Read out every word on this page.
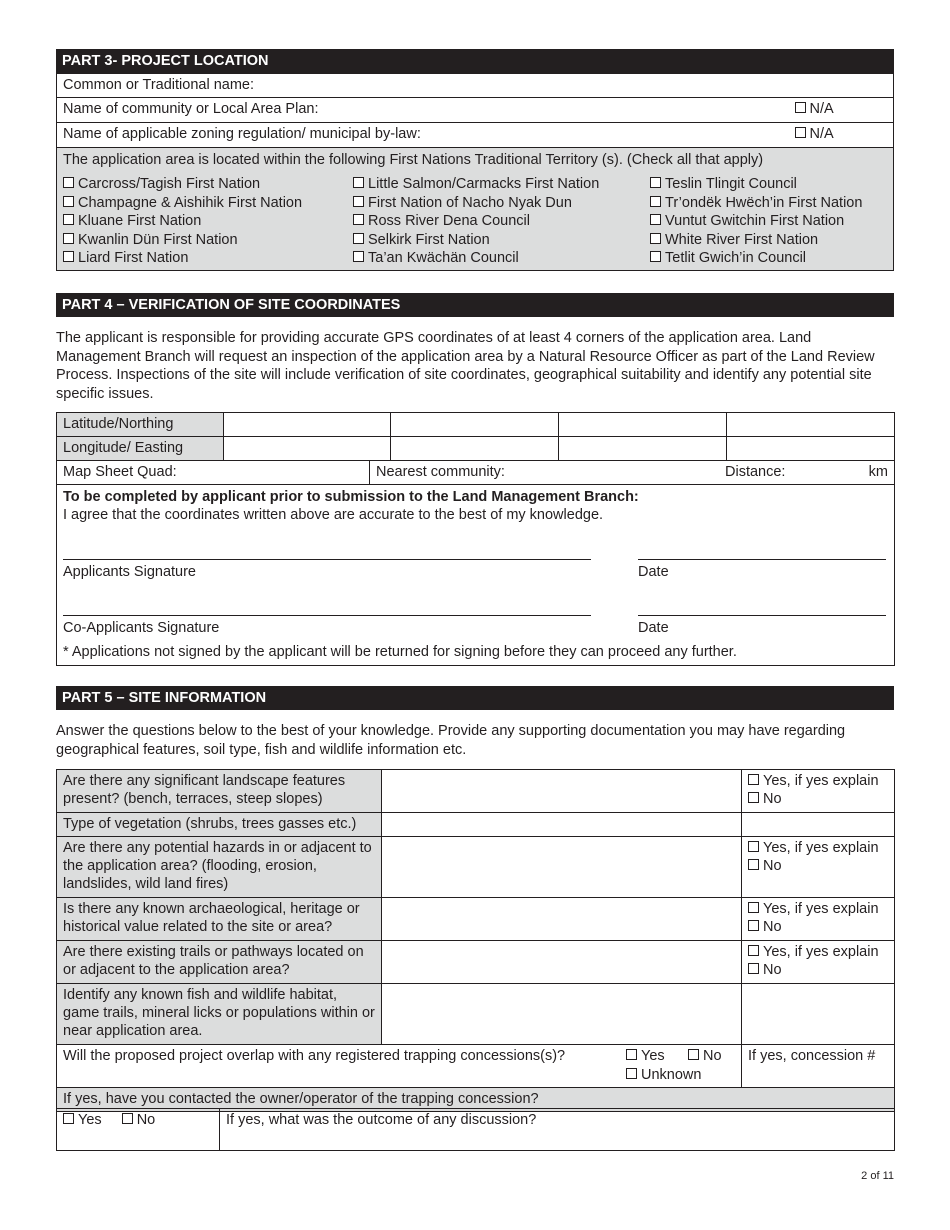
PART 3- PROJECT LOCATION
Common or Traditional name:
Name of community or Local Area Plan:	N/A

Name of applicable zoning regulation/ municipal by-law:	N/A

The application area is located within the following First Nations Traditional Territory (s). (Check all that apply)
Carcross/Tagish First Nation	Little Salmon/Carmacks First Nation	Teslin Tlingit Council
Champagne & Aishihik First Nation	First Nation of Nacho Nyak Dun	Tr’ondëk Hwëch’in First Nation
Kluane First Nation	Ross River Dena Council	Vuntut Gwitchin First Nation
Kwanlin Dün First Nation	Selkirk First Nation	White River First Nation
Liard First Nation	Ta’an Kwächän Council	Tetlit Gwich’in Council
PART 4 – VERIFICATION OF SITE COORDINATES
The applicant is responsible for providing accurate GPS coordinates of at least 4 corners of the application area. Land Management Branch will request an inspection of the application area by a Natural Resource Officer as part of the Land Review Process. Inspections of the site will include verification of site coordinates, geographical suitability and identify any potential site specific issues.
Latitude/Northing				
Longitude/ Easting				
Map Sheet Quad:	Nearest community:	Distance:	km

To be completed by applicant prior to submission to the Land Management Branch:
I agree that the coordinates written above are accurate to the best of my knowledge.
Applicants Signature	Date
Co-Applicants Signature	Date
* Applications not signed by the applicant will be returned for signing before they can proceed any further.
PART 5 – SITE INFORMATION
Answer the questions below to the best of your knowledge. Provide any supporting documentation you may have regarding geographical features, soil type, fish and wildlife information etc.
Are there any significant landscape features present? (bench, terraces, steep slopes)		Yes, if yes explain
No

Type of vegetation (shrubs, trees gasses etc.)		
Are there any potential hazards in or adjacent to the application area? (flooding, erosion, landslides, wild land fires)		Yes, if yes explain
No

Is there any known archaeological, heritage or historical value related to the site or area?		Yes, if yes explain
No

Are there existing trails or pathways located on or adjacent to the application area?		Yes, if yes explain
No

Identify any known fish and wildlife habitat, game trails, mineral licks or populations within or near application area.		
Will the proposed project overlap with any registered trapping concessions(s)? Yes No
Unknown		If yes, concession #
If yes, have you contacted the owner/operator of the trapping concession?		
Yes No	If yes, what was the outcome of any discussion?
2 of 11
